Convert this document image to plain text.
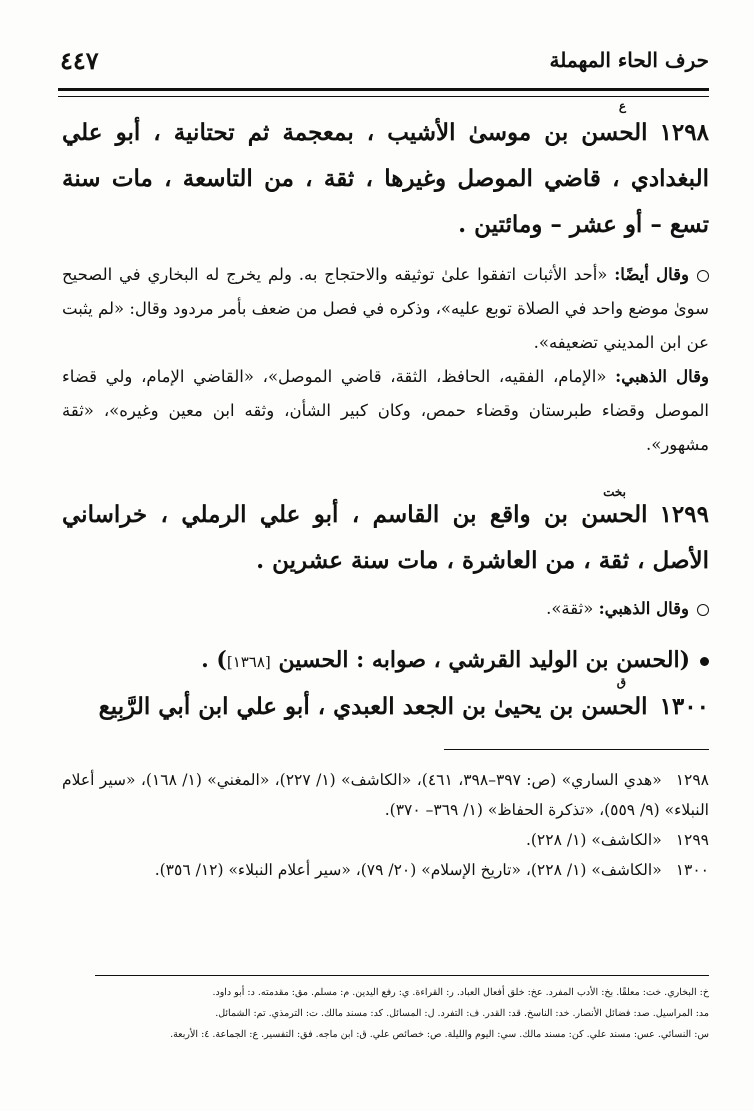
حرف الحاء المهملة
٤٤٧
ع
١٢٩٨الحسن بن موسىٰ الأشيب ، بمعجمة ثم تحتانية ، أبو علي البغدادي ، قاضي الموصل وغيرها ، ثقة ، من التاسعة ، مات سنة تسع – أو عشر – ومائتين .
وقال أيضًا: «أحد الأثبات اتفقوا علىٰ توثيقه والاحتجاج به. ولم يخرج له البخاري في الصحيح سوىٰ موضع واحد في الصلاة توبع عليه»، وذكره في فصل من ضعف بأمر مردود وقال: «لم يثبت عن ابن المديني تضعيفه».
وقال الذهبي: «الإمام، الفقيه، الحافظ، الثقة، قاضي الموصل»، «القاضي الإمام، ولي قضاء الموصل وقضاء طبرستان وقضاء حمص، وكان كبير الشأن، وثقه ابن معين وغيره»، «ثقة مشهور».
بخت
١٢٩٩الحسن بن واقع بن القاسم ، أبو علي الرملي ، خراساني الأصل ، ثقة ، من العاشرة ، مات سنة عشرين .
وقال الذهبي: «ثقة».
(الحسن بن الوليد القرشي ، صوابه : الحسين [١٣٦٨]) .
ق
١٣٠٠الحسن بن يحيىٰ بن الجعد العبدي ، أبو علي ابن أبي الرَّبِيع
١٢٩٨«هدي الساري» (ص: ٣٩٧–٣٩٨، ٤٦١)، «الكاشف» (١/ ٢٢٧)، «المغني» (١/ ١٦٨)، «سير أعلام النبلاء» (٩/ ٥٥٩)، «تذكرة الحفاظ» (١/ ٣٦٩– ٣٧٠).
١٢٩٩«الكاشف» (١/ ٢٢٨).
١٣٠٠«الكاشف» (١/ ٢٢٨)، «تاريخ الإسلام» (٢٠/ ٧٩)، «سير أعلام النبلاء» (١٢/ ٣٥٦).
خ: البخاري. خت: معلقًا. بخ: الأدب المفرد. عخ: خلق أفعال العباد. ر: القراءة. ي: رفع اليدين. م: مسلم. مق: مقدمته. د: أبو داود.
مد: المراسيل. صد: فضائل الأنصار. خد: الناسخ. قد: القدر. ف: التفرد. ل: المسائل. كد: مسند مالك. ت: الترمذي. تم: الشمائل.
س: النسائي. عس: مسند علي. كن: مسند مالك. سي: اليوم والليلة. ص: خصائص علي. ق: ابن ماجه. فق: التفسير. ع: الجماعة. ٤: الأربعة.
